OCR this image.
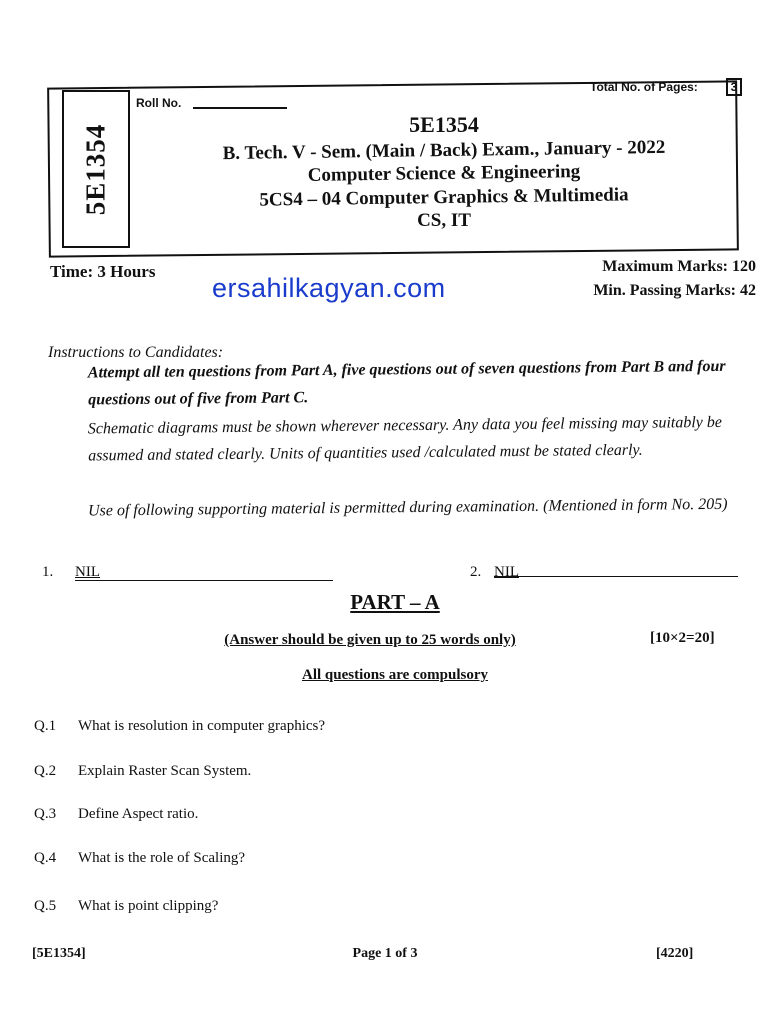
5E1354
Roll No.
Total No. of Pages:	3
5E1354
B. Tech. V - Sem. (Main / Back) Exam., January - 2022
Computer Science & Engineering
5CS4 – 04 Computer Graphics & Multimedia
CS, IT
Time: 3 Hours
ersahilkagyan.com
Maximum Marks: 120
Min. Passing Marks: 42
Instructions to Candidates:
Attempt all ten questions from Part A, five questions out of seven questions from Part B and four questions out of five from Part C.
Schematic diagrams must be shown wherever necessary. Any data you feel missing may suitably be assumed and stated clearly. Units of quantities used /calculated must be stated clearly.
Use of following supporting material is permitted during examination. (Mentioned in form No. 205)
1. NIL	2. NIL
PART – A
(Answer should be given up to 25 words only)	[10×2=20]
All questions are compulsory
Q.1 What is resolution in computer graphics?
Q.2 Explain Raster Scan System.
Q.3 Define Aspect ratio.
Q.4 What is the role of Scaling?
Q.5 What is point clipping?
[5E1354]	Page 1 of 3	[4220]
